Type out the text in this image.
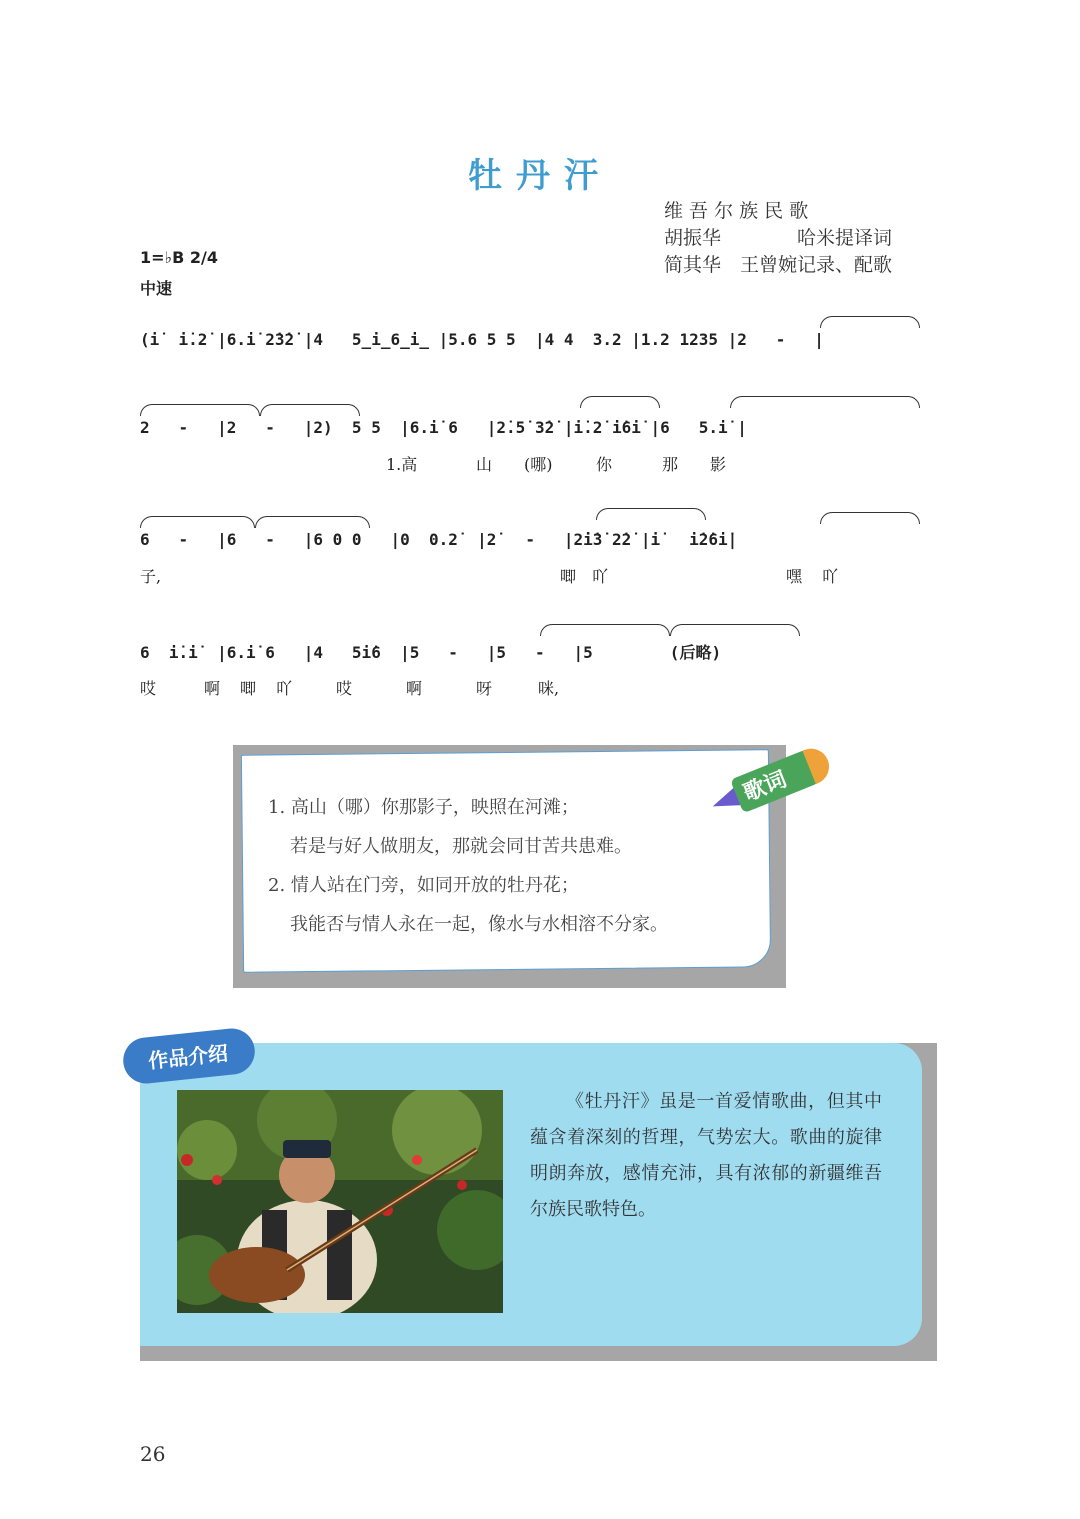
牡丹汗
维 吾 尔 族 民 歌
胡振华　　　　哈米提译词
简其华　王曾婉记录、配歌
1=♭B 2/4
中速
(i̇  i̇.2̇ |6.i̇ 2̇3̇2̇ |4   5̲i̲6̲i̲ |5.6 5 5  |4 4  3.2 |1.2 1235 |2   -   |
2   -   |2   -   |2)  5 5  |6.i̇ 6   |2̇.5̇ 3̇2̇ |i̇.2̇ i̇6i̇ |6   5.i̇ |
1.高	山 (哪)	你	那 影
6   -   |6   -   |6 0 0   |0  0.2̇  |2̇   -   |2̇i̇3̇ 2̇2̇ |i̇   i̇2̇6i̇|
子,	唧 吖	嘿 吖
6  i̇.i̇  |6.i̇ 6   |4   5i̇6  |5   -   |5   -   |5        (后略)
哎	啊 唧 吖	哎	啊	呀	咪,
1. 高山（哪）你那影子，映照在河滩；
若是与好人做朋友，那就会同甘苦共患难。
2. 情人站在门旁，如同开放的牡丹花；
我能否与情人永在一起，像水与水相溶不分家。
歌词
作品介绍
《牡丹汗》虽是一首爱情歌曲，但其中蕴含着深刻的哲理，气势宏大。歌曲的旋律明朗奔放，感情充沛，具有浓郁的新疆维吾尔族民歌特色。
26
